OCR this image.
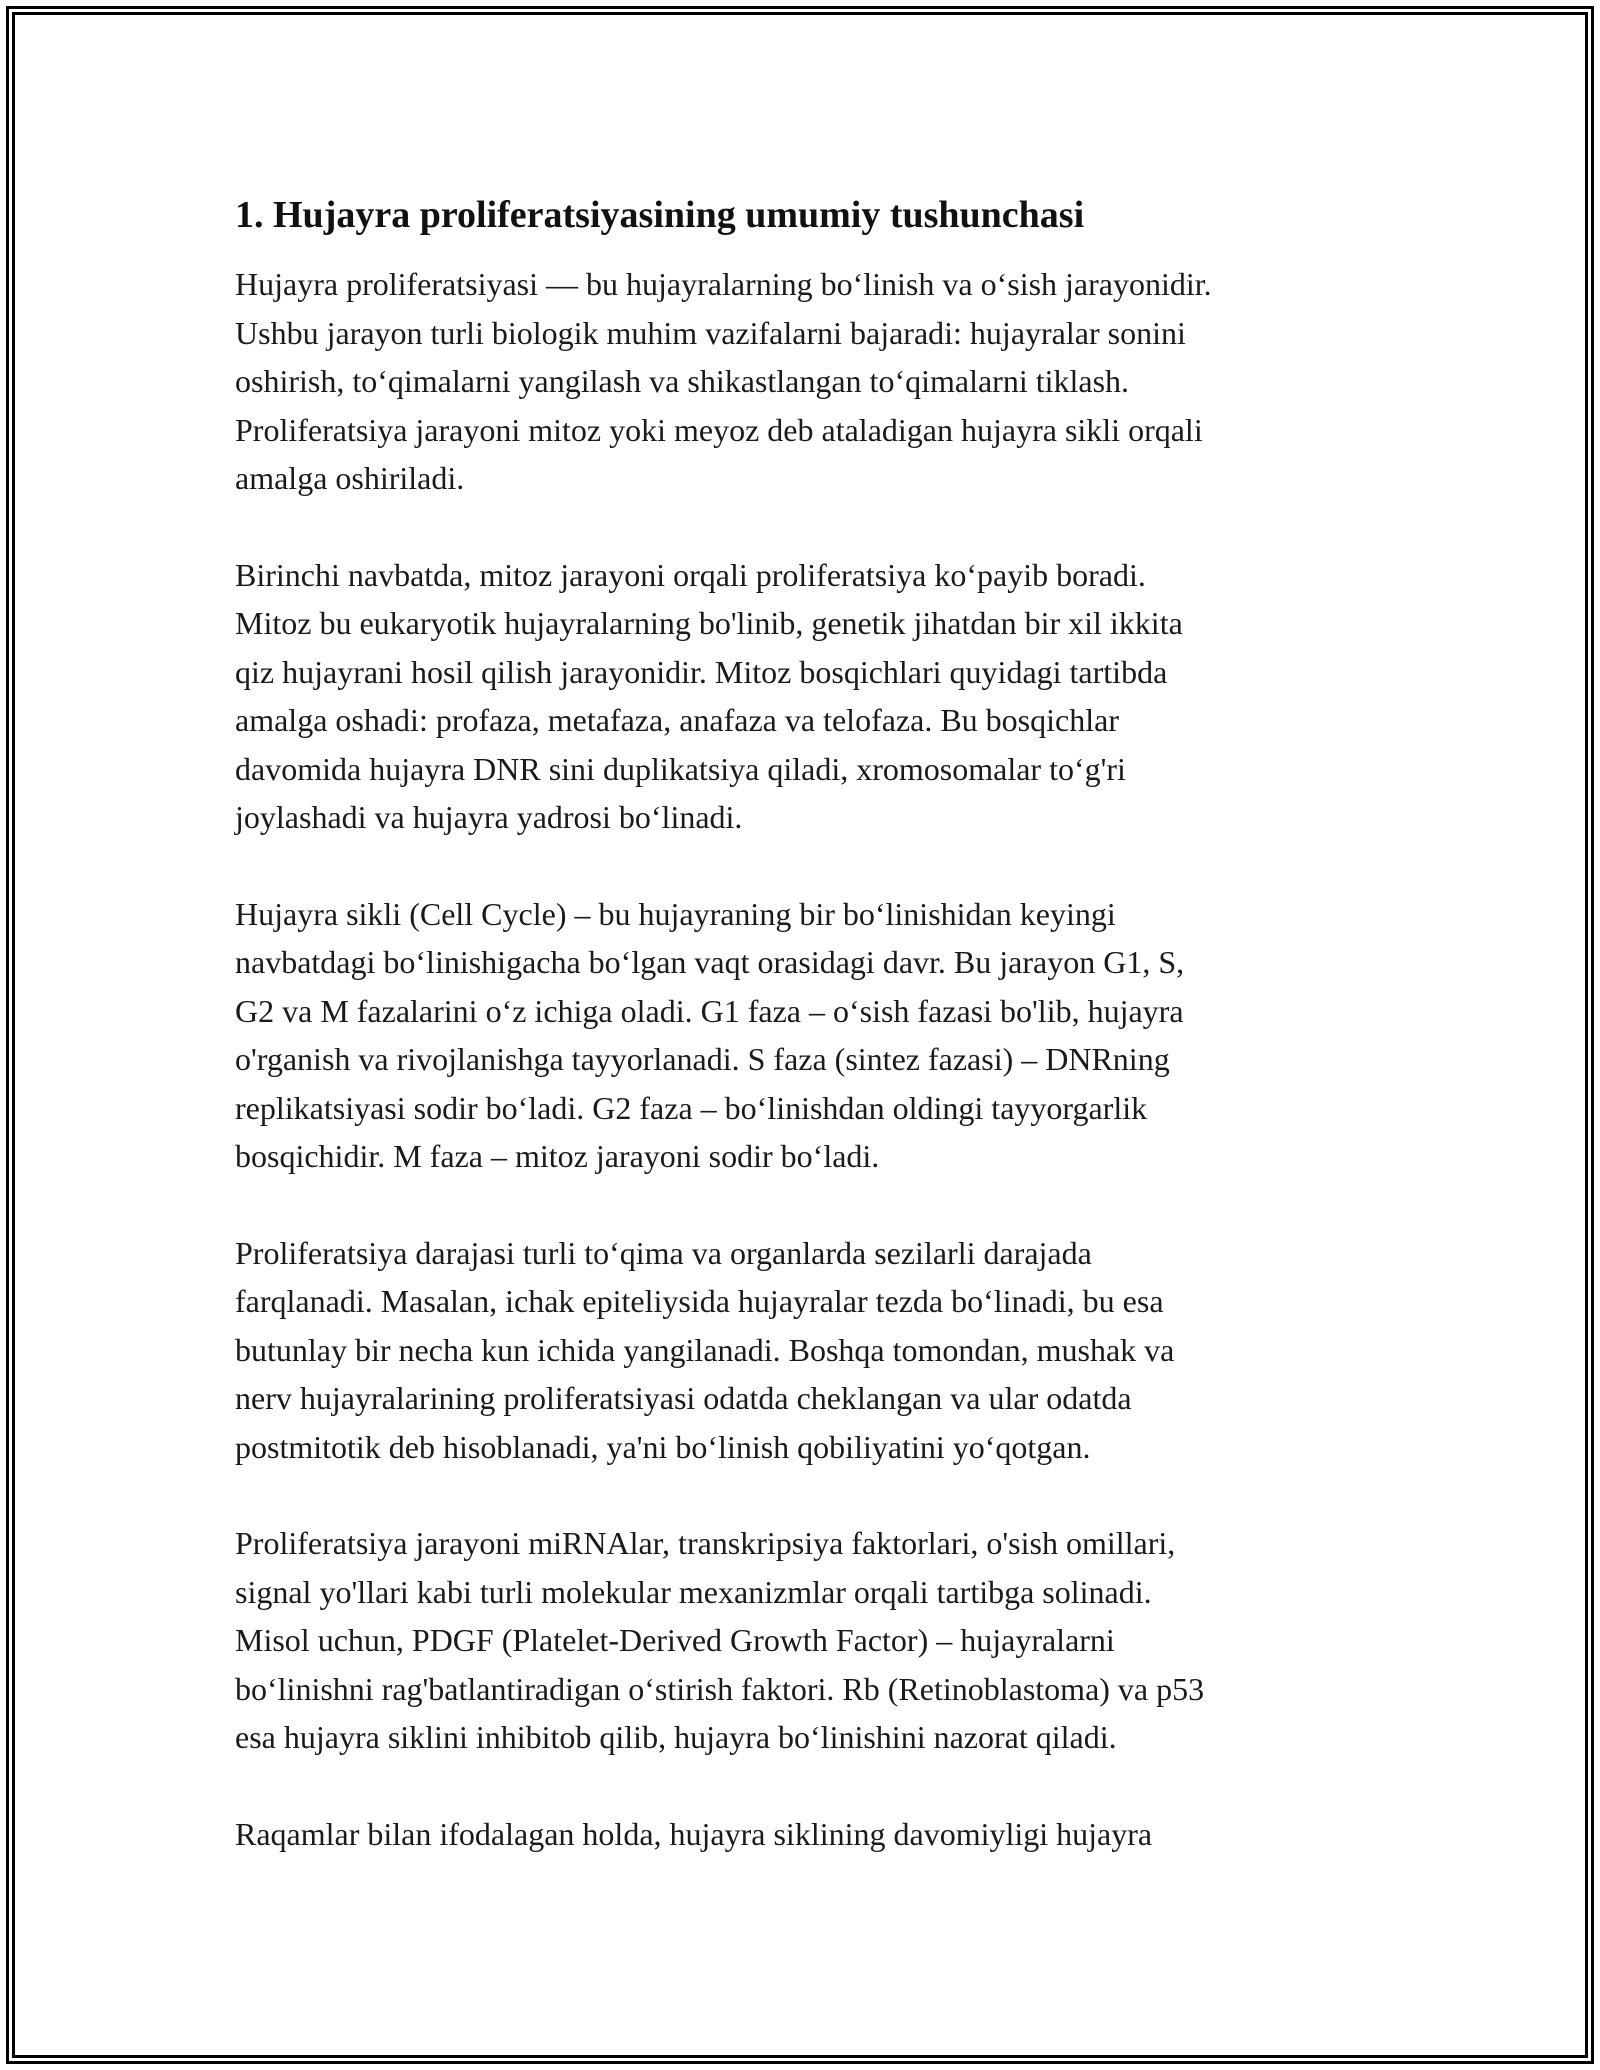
1. Hujayra proliferatsiyasining umumiy tushunchasi
Hujayra proliferatsiyasi — bu hujayralarning bo‘linish va o‘sish jarayonidir.
Ushbu jarayon turli biologik muhim vazifalarni bajaradi: hujayralar sonini
oshirish, to‘qimalarni yangilash va shikastlangan to‘qimalarni tiklash.
Proliferatsiya jarayoni mitoz yoki meyoz deb ataladigan hujayra sikli orqali
amalga oshiriladi.
Birinchi navbatda, mitoz jarayoni orqali proliferatsiya ko‘payib boradi.
Mitoz bu eukaryotik hujayralarning bo'linib, genetik jihatdan bir xil ikkita
qiz hujayrani hosil qilish jarayonidir. Mitoz bosqichlari quyidagi tartibda
amalga oshadi: profaza, metafaza, anafaza va telofaza. Bu bosqichlar
davomida hujayra DNR sini duplikatsiya qiladi, xromosomalar to‘g'ri
joylashadi va hujayra yadrosi bo‘linadi.
Hujayra sikli (Cell Cycle) – bu hujayraning bir bo‘linishidan keyingi
navbatdagi bo‘linishigacha bo‘lgan vaqt orasidagi davr. Bu jarayon G1, S,
G2 va M fazalarini o‘z ichiga oladi. G1 faza – o‘sish fazasi bo'lib, hujayra
o'rganish va rivojlanishga tayyorlanadi. S faza (sintez fazasi) – DNRning
replikatsiyasi sodir bo‘ladi. G2 faza – bo‘linishdan oldingi tayyorgarlik
bosqichidir. M faza – mitoz jarayoni sodir bo‘ladi.
Proliferatsiya darajasi turli to‘qima va organlarda sezilarli darajada
farqlanadi. Masalan, ichak epiteliysida hujayralar tezda bo‘linadi, bu esa
butunlay bir necha kun ichida yangilanadi. Boshqa tomondan, mushak va
nerv hujayralarining proliferatsiyasi odatda cheklangan va ular odatda
postmitotik deb hisoblanadi, ya'ni bo‘linish qobiliyatini yo‘qotgan.
Proliferatsiya jarayoni miRNAlar, transkripsiya faktorlari, o'sish omillari,
signal yo'llari kabi turli molekular mexanizmlar orqali tartibga solinadi.
Misol uchun, PDGF (Platelet-Derived Growth Factor) – hujayralarni
bo‘linishni rag'batlantiradigan o‘stirish faktori. Rb (Retinoblastoma) va p53
esa hujayra siklini inhibitob qilib, hujayra bo‘linishini nazorat qiladi.
Raqamlar bilan ifodalagan holda, hujayra siklining davomiyligi hujayra
